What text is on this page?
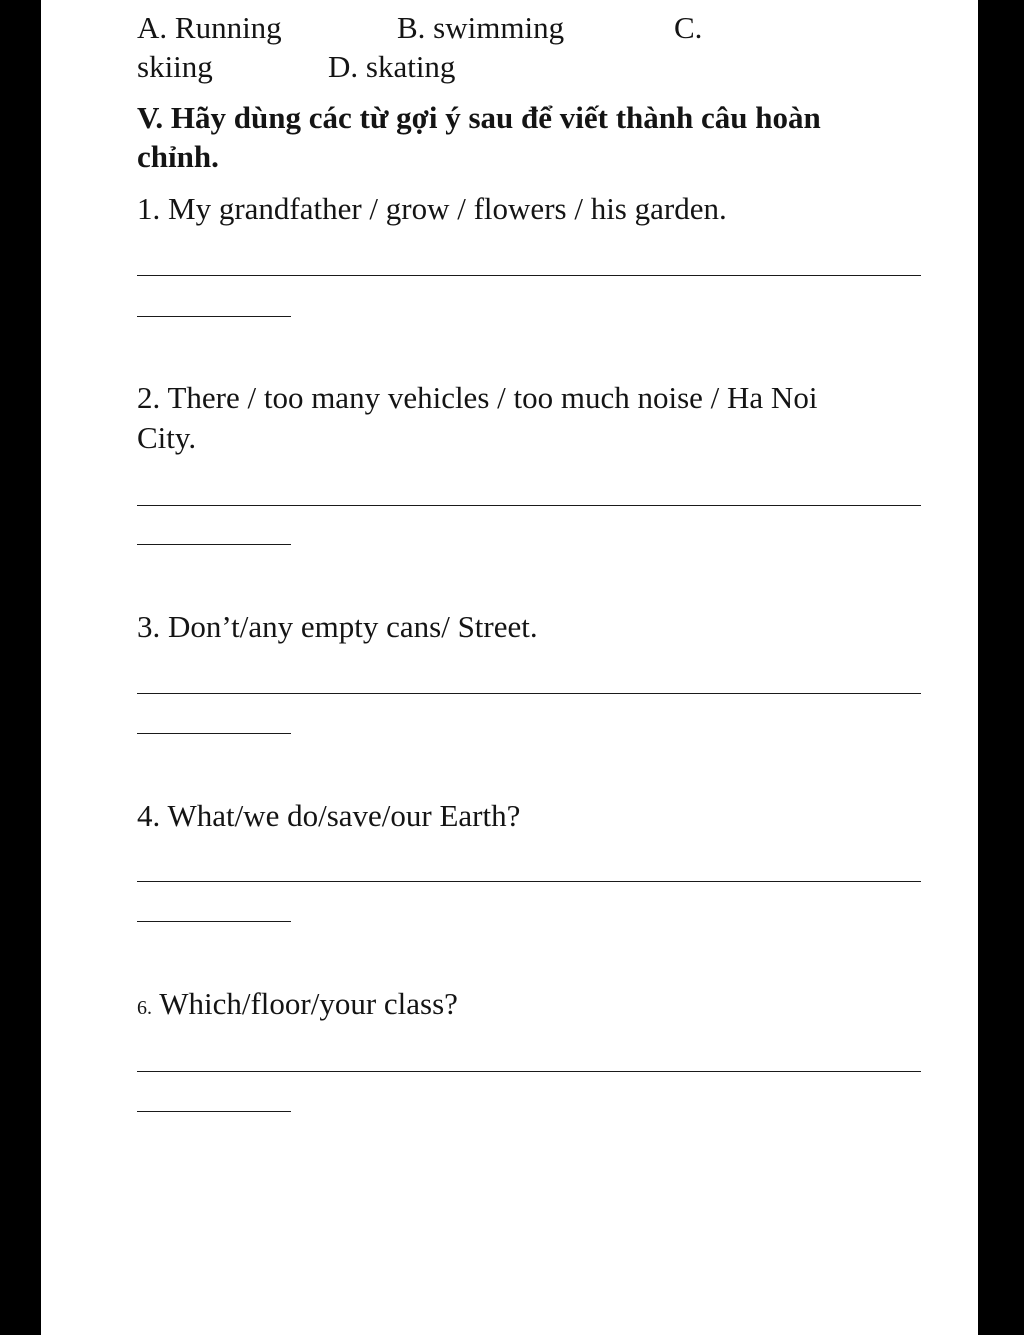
A. Running	B. swimming	C.
skiing	D. skating
V. Hãy dùng các từ gợi ý sau để viết thành câu hoàn
chỉnh.
1. My grandfather / grow / flowers / his garden.
2. There / too many vehicles / too much noise / Ha Noi
City.
3. Don’t/any empty cans/ Street.
4. What/we do/save/our Earth?
6. Which/floor/your class?
